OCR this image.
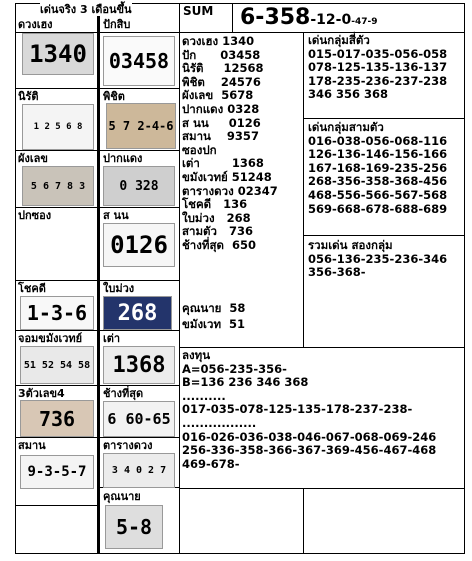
เด่นจริง 3 เดือนขึ้น	SUM 6-358-12-0-47-9
ดวงเฮง
นิรัติ
ผังเลข
ปกซอง
โชคดี
จอมขมังเวทย์
3ตัวเลข4
สมาน
1340
1 2 5 6 8
5 6 7 8 3
1-3-6
51 52 54 58
736
9-3-5-7
ปักสิบ
พิชิต
ปากแดง
ส นน
ใบม่วง
เต่า
ช้างที่สุด
ตารางดวง
คุณนาย
03458
5 7 2-4-6
0 328
0126
268
1368
6 60-65
3 4 0 2 7
5-8
ดวงเฮง 1340
ปัก      03458
นิรัติ     12568
พิชิต    24576
ผังเลข  5678
ปากแดง 0328
ส นน     0126
สมาน    9357
ซองปก
เต่า        1368
ขมังเวทย์ 51248
ตารางดวง 02347
โชคดี   136
ใบม่วง   268
สามตัว   736
ช้างที่สุด  650
คุณนาย  58
ขมังเวท  51
เด่นกลุ่มสี่ตัว
015-017-035-056-058
078-125-135-136-137
178-235-236-237-238
346 356 368
เด่นกลุ่มสามตัว
016-038-056-068-116
126-136-146-156-166
167-168-169-235-256
268-356-358-368-456
468-556-566-567-568
569-668-678-688-689
รวมเด่น สองกลุ่ม
056-136-235-236-346
356-368-
ลงทุน
A=056-235-356-
B=136 236 346 368
..........
017-035-078-125-135-178-237-238-
.................
016-026-036-038-046-067-068-069-246
256-336-358-366-367-369-456-467-468
469-678-
